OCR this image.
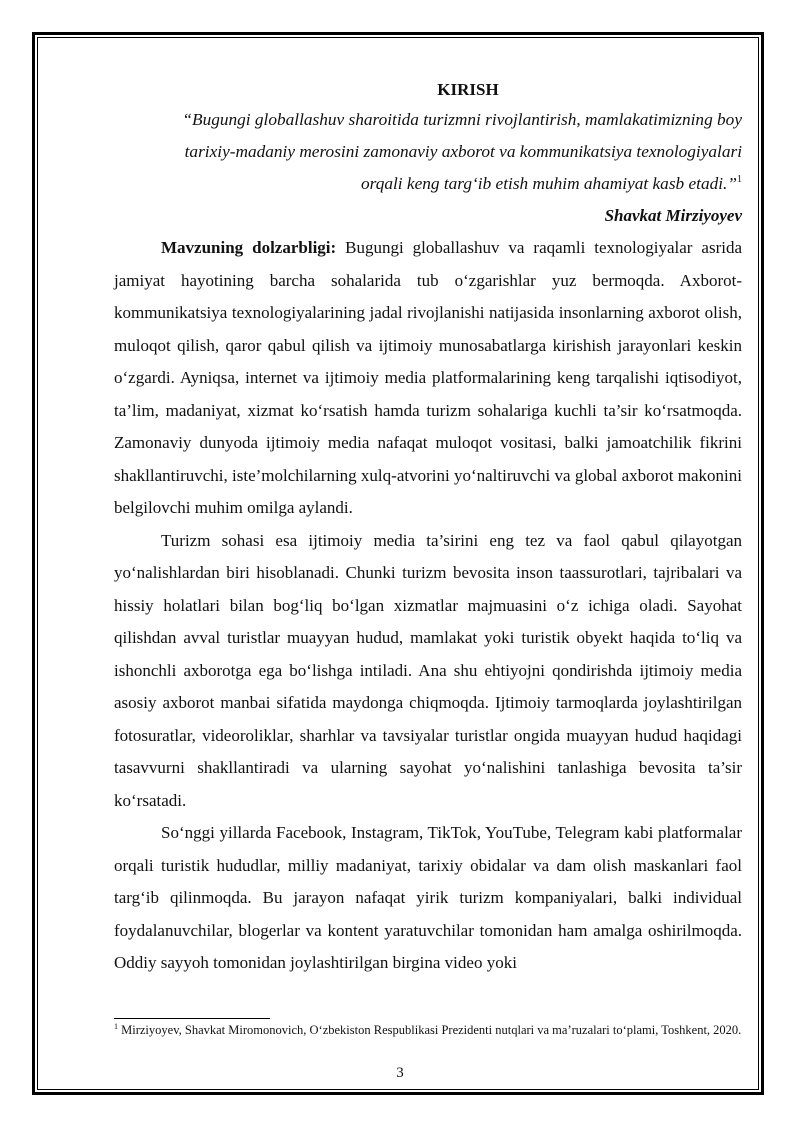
KIRISH

“Bugungi globallashuv sharoitida turizmni rivojlantirish, mamlakatimizning boy

tarixiy-madaniy merosini zamonaviy axborot va kommunikatsiya texnologiyalari

orqali keng targ‘ib etish muhim ahamiyat kasb etadi.”$^1$

Shavkat Mirziyoyev

Mavzuning dolzarbligi: Bugungi globallashuv va raqamli texnologiyalar asrida jamiyat hayotining barcha sohalarida tub o‘zgarishlar yuz bermoqda. Axborot-kommunikatsiya texnologiyalarining jadal rivojlanishi natijasida insonlarning axborot olish, muloqot qilish, qaror qabul qilish va ijtimoiy munosabatlarga kirishish jarayonlari keskin o‘zgardi. Ayniqsa, internet va ijtimoiy media platformalarining keng tarqalishi iqtisodiyot, ta’lim, madaniyat, xizmat ko‘rsatish hamda turizm sohalariga kuchli ta’sir ko‘rsatmoqda. Zamonaviy dunyoda ijtimoiy media nafaqat muloqot vositasi, balki jamoatchilik fikrini shakllantiruvchi, iste’molchilarning xulq-atvorini yo‘naltiruvchi va global axborot makonini belgilovchi muhim omilga aylandi.

Turizm sohasi esa ijtimoiy media ta’sirini eng tez va faol qabul qilayotgan yo‘nalishlardan biri hisoblanadi. Chunki turizm bevosita inson taassurotlari, tajribalari va hissiy holatlari bilan bog‘liq bo‘lgan xizmatlar majmuasini o‘z ichiga oladi. Sayohat qilishdan avval turistlar muayyan hudud, mamlakat yoki turistik obyekt haqida to‘liq va ishonchli axborotga ega bo‘lishga intiladi. Ana shu ehtiyojni qondirishda ijtimoiy media asosiy axborot manbai sifatida maydonga chiqmoqda. Ijtimoiy tarmoqlarda joylashtirilgan fotosuratlar, videoroliklar, sharhlar va tavsiyalar turistlar ongida muayyan hudud haqidagi tasavvurni shakllantiradi va ularning sayohat yo‘nalishini tanlashiga bevosita ta’sir ko‘rsatadi.

So‘nggi yillarda Facebook, Instagram, TikTok, YouTube, Telegram kabi platformalar orqali turistik hududlar, milliy madaniyat, tarixiy obidalar va dam olish maskanlari faol targ‘ib qilinmoqda. Bu jarayon nafaqat yirik turizm kompaniyalari, balki individual foydalanuvchilar, blogerlar va kontent yaratuvchilar tomonidan ham amalga oshirilmoqda. Oddiy sayyoh tomonidan joylashtirilgan birgina video yoki

$^1$ Mirziyoyev, Shavkat Miromonovich, O‘zbekiston Respublikasi Prezidenti nutqlari va ma’ruzalari to‘plami, Toshkent, 2020.

3
